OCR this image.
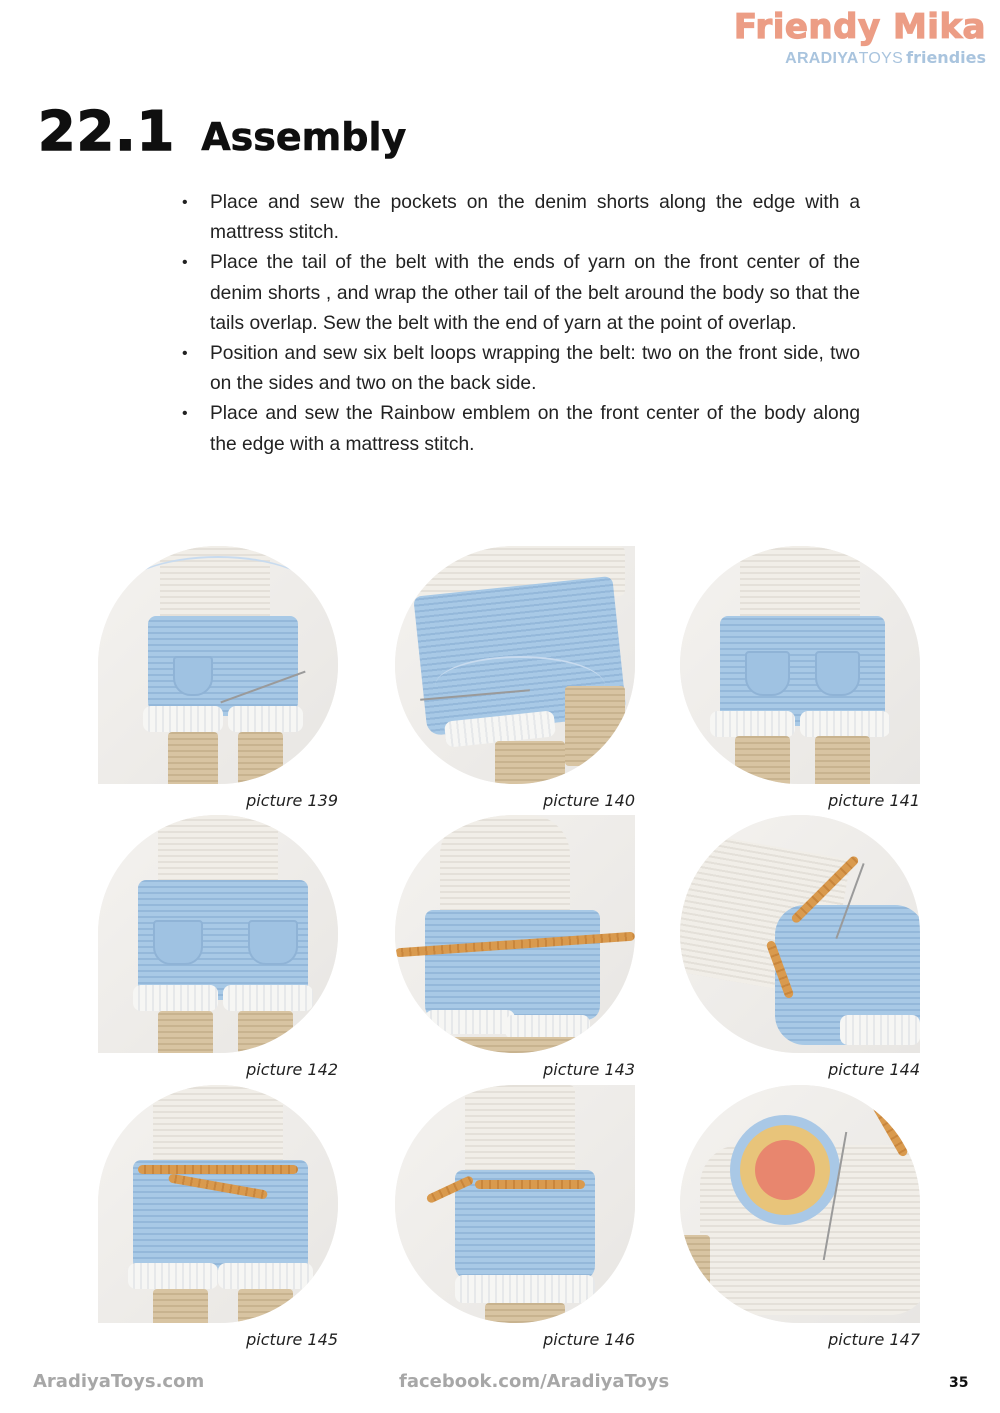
Friendy Mika
ARADIYATOYS friendies
22.1 Assembly
• Place and sew the pockets on the denim shorts along the edge with a mattress stitch.
• Place the tail of the belt with the ends of yarn on the front center of the denim shorts , and wrap the other tail of the belt around the body so that the tails overlap. Sew the belt with the end of yarn at the point of overlap.
• Position and sew six belt loops wrapping the belt: two on the front side, two on the sides and two on the back side.
• Place and sew the Rainbow emblem on the front center of the body along the edge with a mattress stitch.
picture 139	picture 140	picture 141
picture 142	picture 143	picture 144
picture 145	picture 146	picture 147
AradiyaToys.com	facebook.com/AradiyaToys	35
